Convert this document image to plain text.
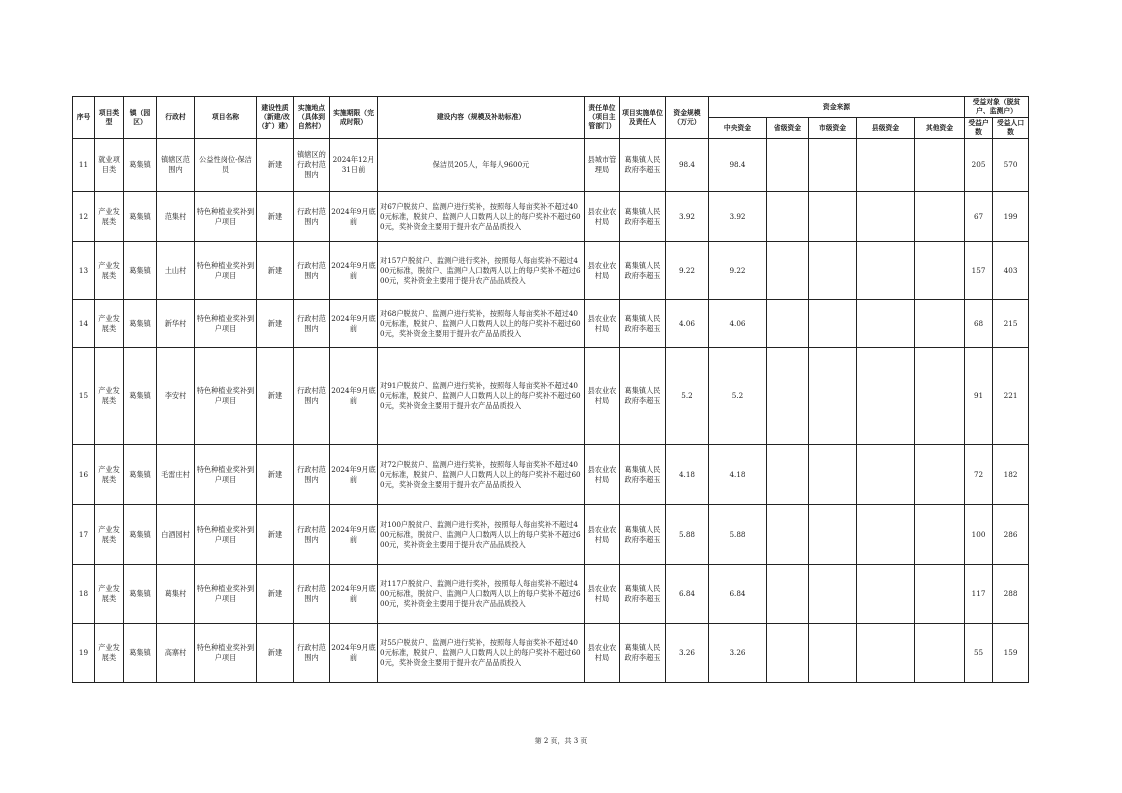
序号	项目类型	镇（园区）	行政村	项目名称	建设性质（新建/改（扩）建）	实施地点（具体到自然村）	实施期限（完成时限）	建设内容（规模及补助标准）	责任单位（项目主管部门）	项目实施单位及责任人	资金规模（万元）	资金来源					受益对象（脱贫户、监测户）	
												中央资金	省级资金	市级资金	县级资金	其他资金	受益户数	受益人口数
11	就业项目类	葛集镇	镇辖区范围内	公益性岗位-保洁员	新建	镇辖区的行政村范围内	2024年12月31日前	保洁员205人，年每人9600元	县城市管理局	葛集镇人民政府李超玉	98.4	98.4					205	570
12	产业发展类	葛集镇	范集村	特色种植业奖补到户项目	新建	行政村范围内	2024年9月底前	对67户脱贫户、监测户进行奖补，按照每人每亩奖补不超过400元标准，脱贫户、监测户人口数两人以上的每户奖补不超过600元，奖补资金主要用于提升农产品品质投入	县农业农村局	葛集镇人民政府李超玉	3.92	3.92					67	199
13	产业发展类	葛集镇	土山村	特色种植业奖补到户项目	新建	行政村范围内	2024年9月底前	对157户脱贫户、监测户进行奖补，按照每人每亩奖补不超过400元标准，脱贫户、监测户人口数两人以上的每户奖补不超过600元，奖补资金主要用于提升农产品品质投入	县农业农村局	葛集镇人民政府李超玉	9.22	9.22					157	403
14	产业发展类	葛集镇	新华村	特色种植业奖补到户项目	新建	行政村范围内	2024年9月底前	对68户脱贫户、监测户进行奖补，按照每人每亩奖补不超过400元标准，脱贫户、监测户人口数两人以上的每户奖补不超过600元，奖补资金主要用于提升农产品品质投入	县农业农村局	葛集镇人民政府李超玉	4.06	4.06					68	215
15	产业发展类	葛集镇	李安村	特色种植业奖补到户项目	新建	行政村范围内	2024年9月底前	对91户脱贫户、监测户进行奖补，按照每人每亩奖补不超过400元标准，脱贫户、监测户人口数两人以上的每户奖补不超过600元，奖补资金主要用于提升农产品品质投入	县农业农村局	葛集镇人民政府李超玉	5.2	5.2					91	221
16	产业发展类	葛集镇	毛雷庄村	特色种植业奖补到户项目	新建	行政村范围内	2024年9月底前	对72户脱贫户、监测户进行奖补，按照每人每亩奖补不超过400元标准，脱贫户、监测户人口数两人以上的每户奖补不超过600元，奖补资金主要用于提升农产品品质投入	县农业农村局	葛集镇人民政府李超玉	4.18	4.18					72	182
17	产业发展类	葛集镇	白酒园村	特色种植业奖补到户项目	新建	行政村范围内	2024年9月底前	对100户脱贫户、监测户进行奖补，按照每人每亩奖补不超过400元标准，脱贫户、监测户人口数两人以上的每户奖补不超过600元，奖补资金主要用于提升农产品品质投入	县农业农村局	葛集镇人民政府李超玉	5.88	5.88					100	286
18	产业发展类	葛集镇	葛集村	特色种植业奖补到户项目	新建	行政村范围内	2024年9月底前	对117户脱贫户、监测户进行奖补，按照每人每亩奖补不超过400元标准，脱贫户、监测户人口数两人以上的每户奖补不超过600元，奖补资金主要用于提升农产品品质投入	县农业农村局	葛集镇人民政府李超玉	6.84	6.84					117	288
19	产业发展类	葛集镇	高寨村	特色种植业奖补到户项目	新建	行政村范围内	2024年9月底前	对55户脱贫户、监测户进行奖补，按照每人每亩奖补不超过400元标准，脱贫户、监测户人口数两人以上的每户奖补不超过600元，奖补资金主要用于提升农产品品质投入	县农业农村局	葛集镇人民政府李超玉	3.26	3.26					55	159
第 2 页，共 3 页
